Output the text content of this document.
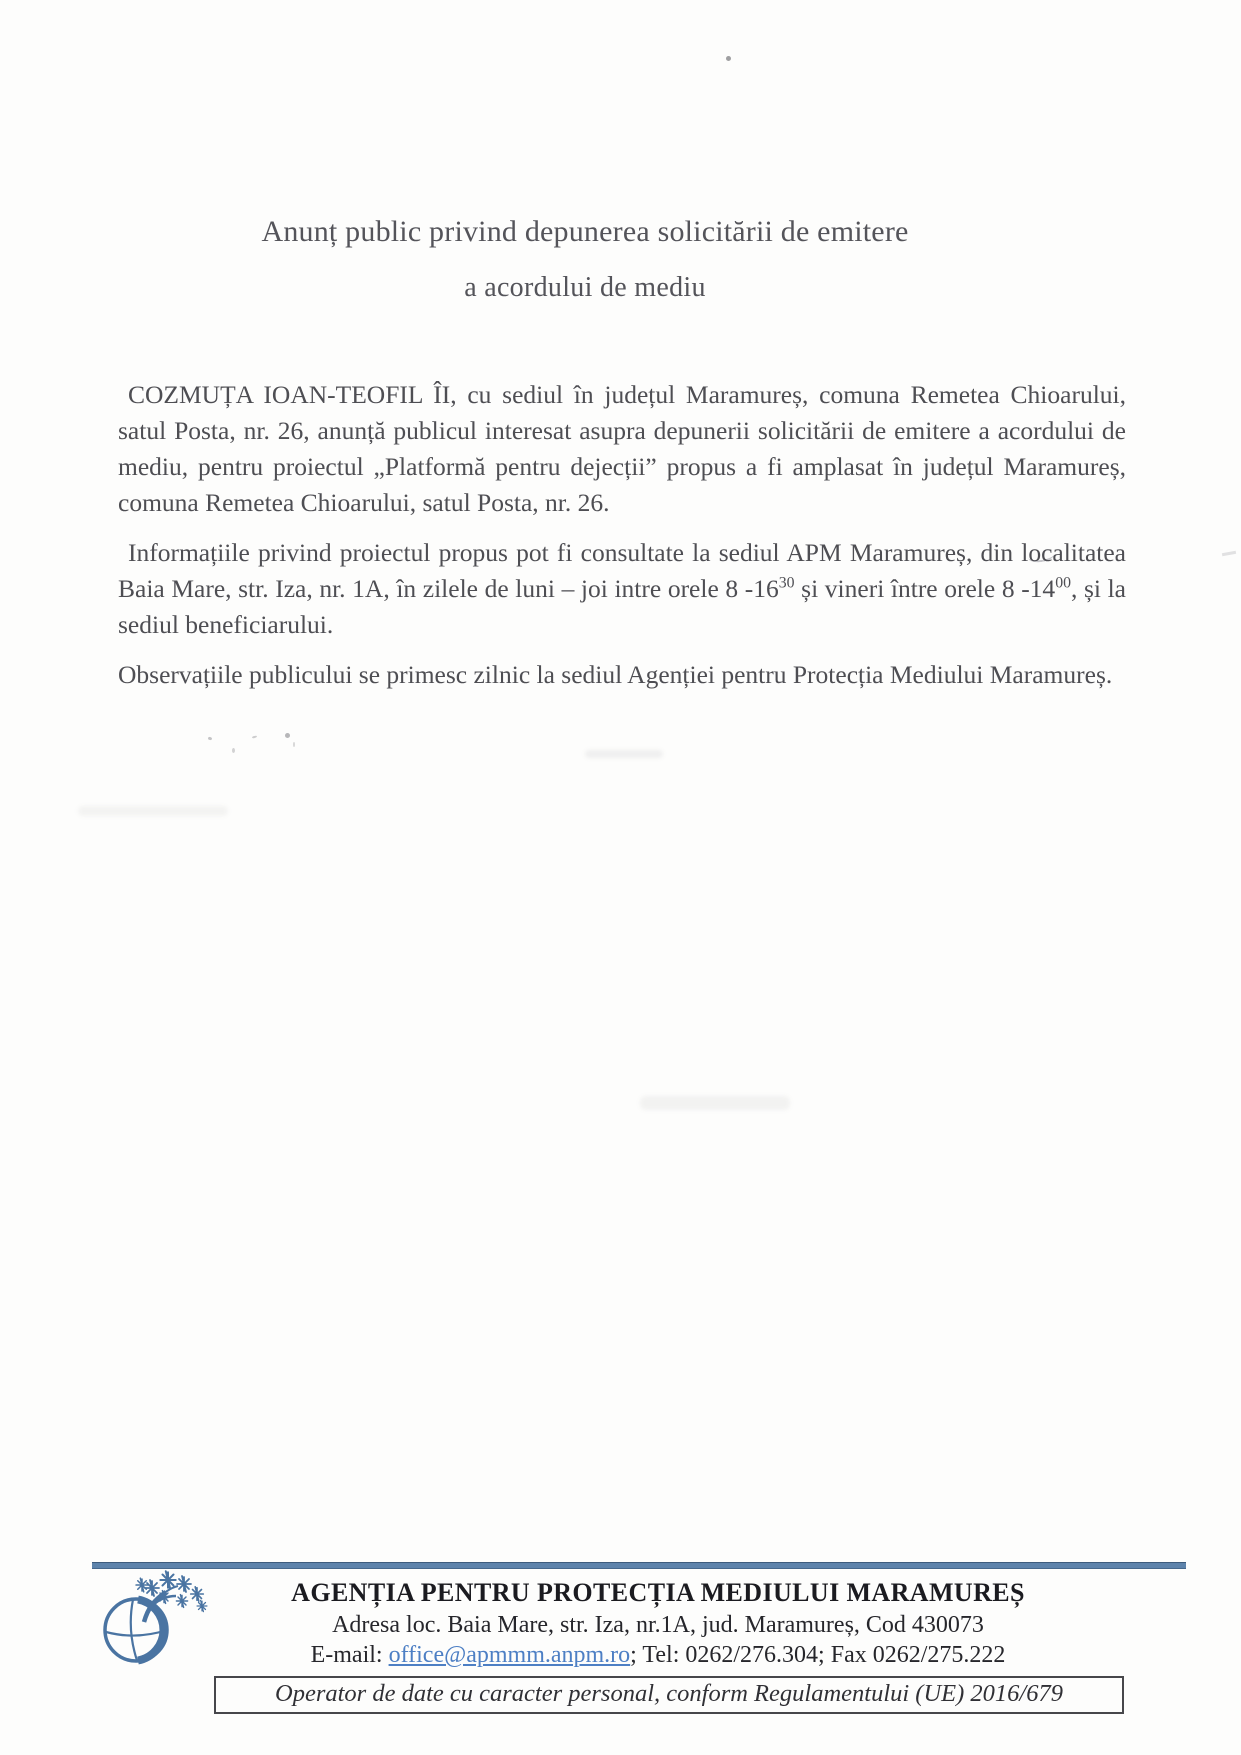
Anunț public privind depunerea solicitării de emitere
a acordului de mediu

COZMUȚA IOAN-TEOFIL ÎI, cu sediul în județul Maramureș, comuna Remetea Chioarului, satul Posta, nr. 26, anunță publicul interesat asupra depunerii solicitării de emitere a acordului de mediu, pentru proiectul „Platformă pentru dejecții” propus a fi amplasat în județul Maramureș, comuna Remetea Chioarului, satul Posta, nr. 26.

Informațiile privind proiectul propus pot fi consultate la sediul APM Maramureș, din localitatea Baia Mare, str. Iza, nr. 1A, în zilele de luni – joi intre orele 8 $-16^{30}$ și vineri între orele 8 $-14^{00}$, și la sediul beneficiarului.

Observațiile publicului se primesc zilnic la sediul Agenției pentru Protecția Mediului Maramureș.

AGENȚIA PENTRU PROTECȚIA MEDIULUI MARAMUREȘ
Adresa loc. Baia Mare, str. Iza, nr.1A, jud. Maramureș, Cod 430073
E-mail: office@apmmm.anpm.ro; Tel: 0262/276.304; Fax 0262/275.222
Operator de date cu caracter personal, conform Regulamentului (UE) 2016/679
